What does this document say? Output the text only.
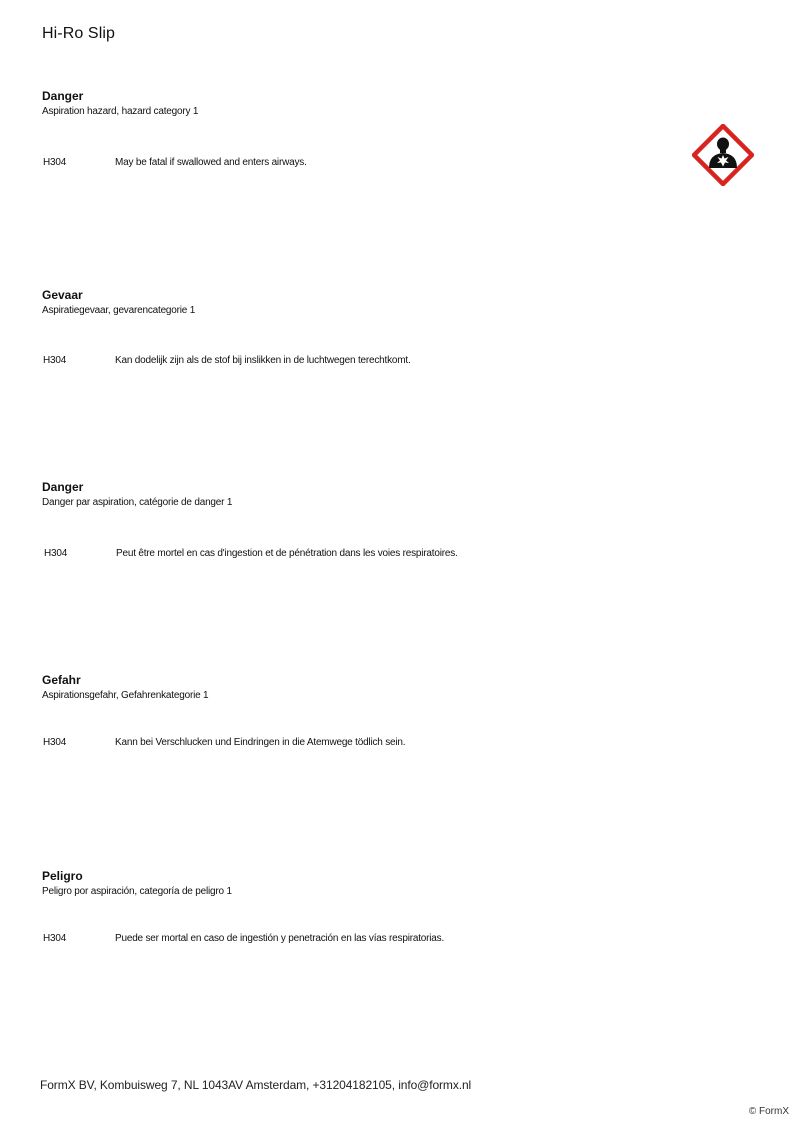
Hi-Ro Slip
Danger
Aspiration hazard, hazard category 1
H304	May be fatal if swallowed and enters airways.
Gevaar
Aspiratiegevaar, gevarencategorie 1
H304	Kan dodelijk zijn als de stof bij inslikken in de luchtwegen terechtkomt.
Danger
Danger par aspiration, catégorie de danger 1
H304	Peut être mortel en cas d'ingestion et de pénétration dans les voies respiratoires.
Gefahr
Aspirationsgefahr, Gefahrenkategorie 1
H304	Kann bei Verschlucken und Eindringen in die Atemwege tödlich sein.
Peligro
Peligro por aspiración, categoría de peligro 1
H304	Puede ser mortal en caso de ingestión y penetración en las vías respiratorias.
FormX BV, Kombuisweg 7, NL 1043AV Amsterdam, +31204182105, info@formx.nl
© FormX
